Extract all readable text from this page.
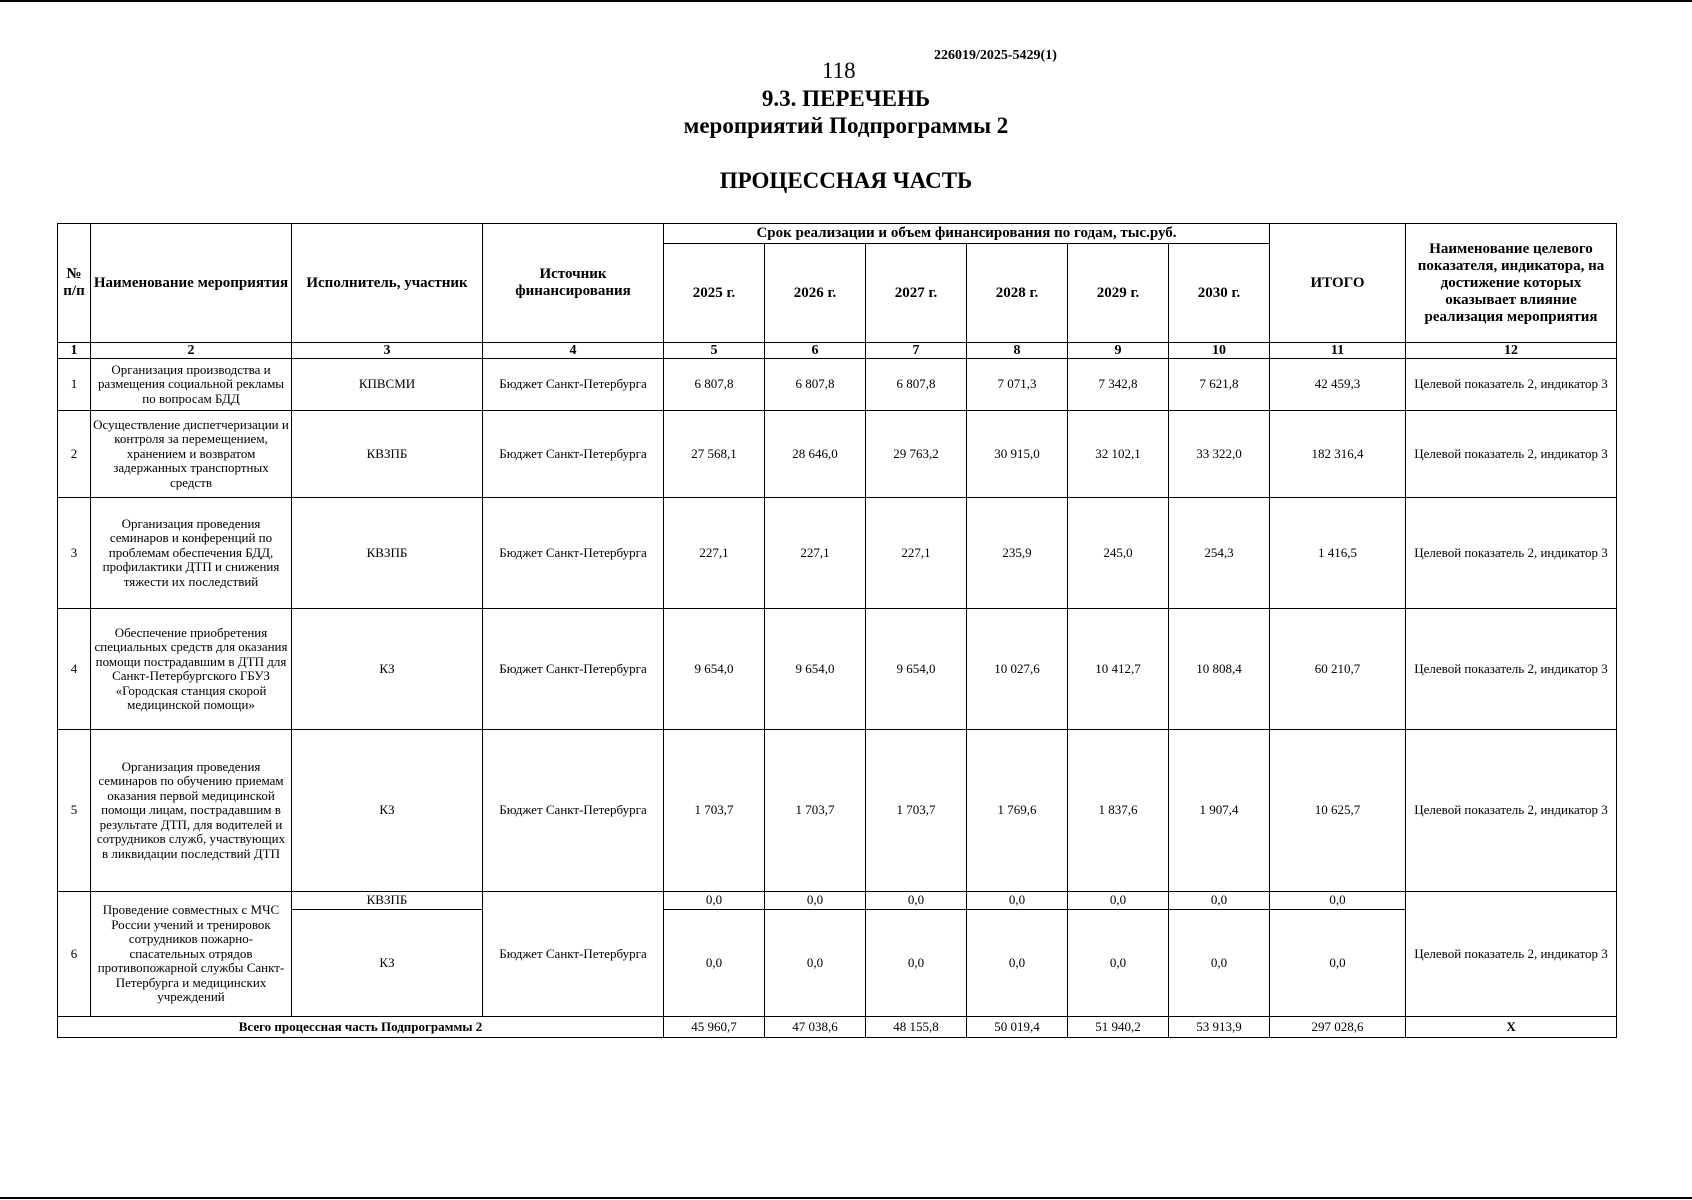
226019/2025-5429(1)
118
9.3. ПЕРЕЧЕНЬ
мероприятий Подпрограммы 2
ПРОЦЕССНАЯ ЧАСТЬ
№ п/п	Наименование мероприятия	Исполнитель, участник	Источник финансирования	Срок реализации и объем финансирования по годам, тыс.руб.						ИТОГО	Наименование целевого показателя, индикатора, на достижение которых оказывает влияние реализация мероприятия
				2025 г.	2026 г.	2027 г.	2028 г.	2029 г.	2030 г.		
1	2	3	4	5	6	7	8	9	10	11	12
1	Организация производства и размещения социальной рекламы по вопросам БДД	КПВСМИ	Бюджет Санкт-Петербурга	6 807,8	6 807,8	6 807,8	7 071,3	7 342,8	7 621,8	42 459,3	Целевой показатель 2, индикатор 3
2	Осуществление диспетчеризации и контроля за перемещением, хранением и возвратом задержанных транспортных средств	КВЗПБ	Бюджет Санкт-Петербурга	27 568,1	28 646,0	29 763,2	30 915,0	32 102,1	33 322,0	182 316,4	Целевой показатель 2, индикатор 3
3	Организация проведения семинаров и конференций по проблемам обеспечения БДД, профилактики ДТП и снижения тяжести их последствий	КВЗПБ	Бюджет Санкт-Петербурга	227,1	227,1	227,1	235,9	245,0	254,3	1 416,5	Целевой показатель 2, индикатор 3
4	Обеспечение приобретения специальных средств для оказания помощи пострадавшим в ДТП для Санкт-Петербургского ГБУЗ «Городская станция скорой медицинской помощи»	КЗ	Бюджет Санкт-Петербурга	9 654,0	9 654,0	9 654,0	10 027,6	10 412,7	10 808,4	60 210,7	Целевой показатель 2, индикатор 3
5	Организация проведения семинаров по обучению приемам оказания первой медицинской помощи лицам, пострадавшим в результате ДТП, для водителей и сотрудников служб, участвующих в ликвидации последствий ДТП	КЗ	Бюджет Санкт-Петербурга	1 703,7	1 703,7	1 703,7	1 769,6	1 837,6	1 907,4	10 625,7	Целевой показатель 2, индикатор 3
6	Проведение совместных с МЧС России учений и тренировок сотрудников пожарно-спасательных отрядов противопожарной службы Санкт-Петербурга и медицинских учреждений	КВЗПБ	Бюджет Санкт-Петербурга	0,0	0,0	0,0	0,0	0,0	0,0	0,0	Целевой показатель 2, индикатор 3
		КЗ		0,0	0,0	0,0	0,0	0,0	0,0	0,0	
Всего процессная часть Подпрограммы 2				45 960,7	47 038,6	48 155,8	50 019,4	51 940,2	53 913,9	297 028,6	Х
